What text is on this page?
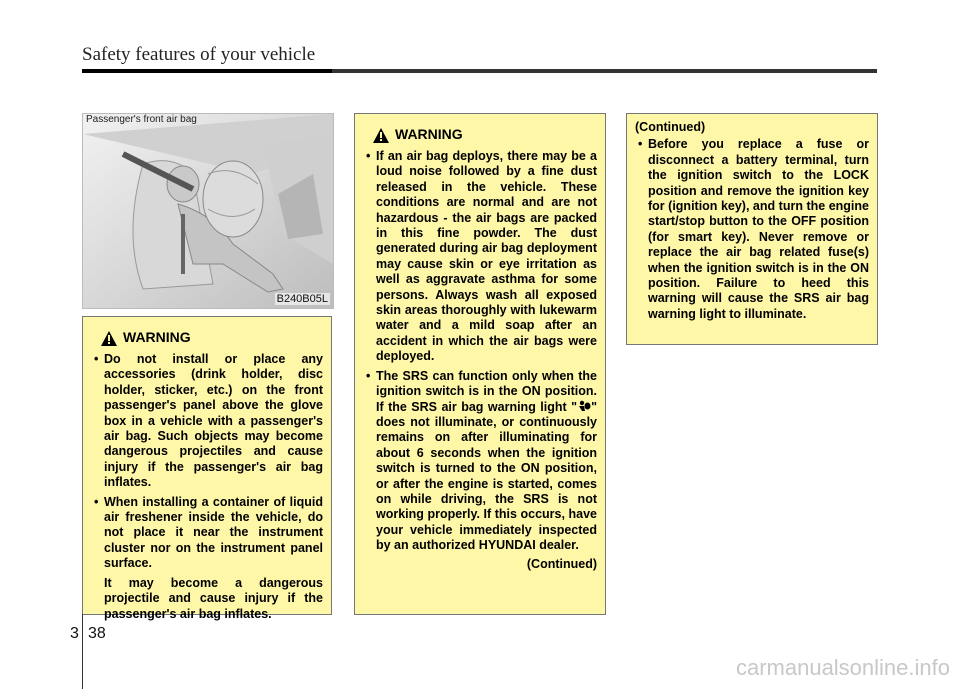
Safety features of your vehicle
B240B05L
Passenger's front air bag
WARNING

• Do not install or place any accessories (drink holder, disc holder, sticker, etc.) on the front passenger's panel above the glove box in a vehicle with a passenger's air bag. Such objects may become dangerous projectiles and cause injury if the passenger's air bag inflates.

• When installing a container of liquid air freshener inside the vehicle, do not place it near the instrument cluster nor on the instrument panel surface.

It may become a dangerous projectile and cause injury if the passenger's air bag inflates.

WARNING

• If an air bag deploys, there may be a loud noise followed by a fine dust released in the vehicle. These conditions are normal and are not hazardous - the air bags are packed in this fine powder. The dust generated during air bag deployment may cause skin or eye irritation as well as aggravate asthma for some persons. Always wash all exposed skin areas thoroughly with lukewarm water and a mild soap after an accident in which the air bags were deployed.

• The SRS can function only when the ignition switch is in the ON position. If the SRS air bag warning light " " does not illuminate, or continuously remains on after illuminating for about 6 seconds when the ignition switch is turned to the ON position, or after the engine is started, comes on while driving, the SRS is not working properly. If this occurs, have your vehicle immediately inspected by an authorized HYUNDAI dealer.

(Continued)
(Continued)

• Before you replace a fuse or disconnect a battery terminal, turn the ignition switch to the LOCK position and remove the ignition key for (ignition key), and turn the engine start/stop button to the OFF position (for smart key). Never remove or replace the air bag related fuse(s) when the ignition switch is in the ON position. Failure to heed this warning will cause the SRS air bag warning light to illuminate.

3 38
carmanualsonline.info
